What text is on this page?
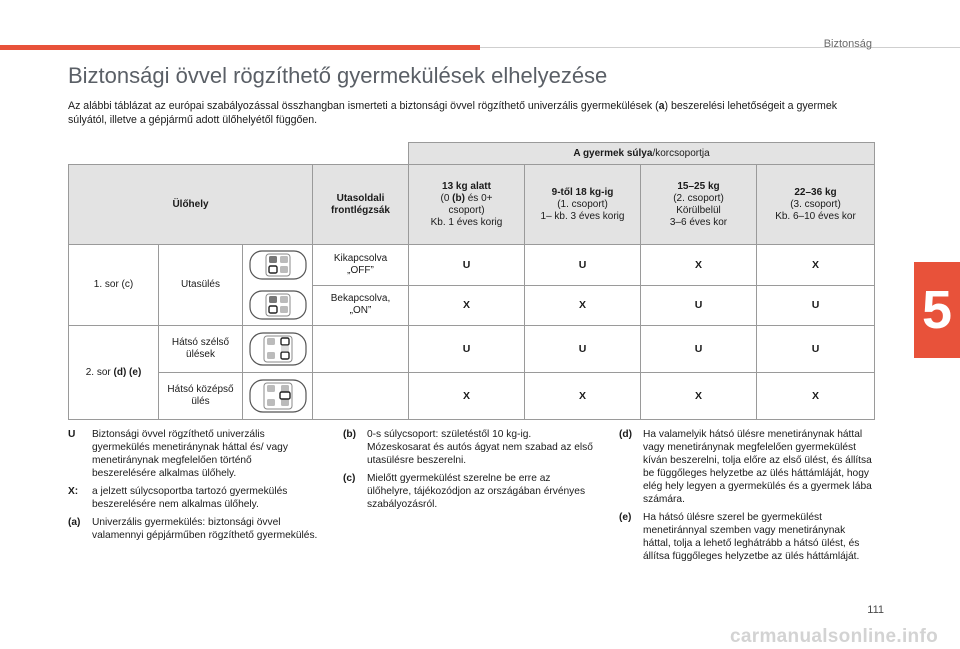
Biztonság
5
Biztonsági övvel rögzíthető gyermekülések elhelyezése

Az alábbi táblázat az európai szabályozással összhangban ismerteti a biztonsági övvel rögzíthető univerzális gyermekülések (a) beszerelési lehetőségeit a gyermek súlyától, illetve a gépjármű adott ülőhelyétől függően.

				A gyermek súlya/korcsoportja			
Ülőhely			Utasoldali frontlégzsák	13 kg alatt
(0 (b) és 0+
csoport)
Kb. 1 éves korig	9-től 18 kg-ig
(1. csoport)
1– kb. 3 éves korig	15–25 kg
(2. csoport)
Körülbelül
3–6 éves kor	22–36 kg
(3. csoport)
Kb. 6–10 éves kor
1. sor (c)	Utasülés		Kikapcsolva
„OFF”	U	U	X	X

	Bekapcsolva,
„ON”	X	X	U	U
2. sor (d) (e)	Hátsó szélső ülések			U	U	U	U
	Hátsó középső ülés			X	X	X	X
U	Biztonsági övvel rögzíthető univerzális gyermekülés menetiránynak háttal és/ vagy menetiránynak megfelelően történő beszerelésére alkalmas ülőhely.
X:	a jelzett súlycsoportba tartozó gyermekülés beszerelésére nem alkalmas ülőhely.
(a)	Univerzális gyermekülés: biztonsági övvel valamennyi gépjárműben rögzíthető gyermekülés.
(b)	0-s súlycsoport: születéstől 10 kg-ig. Mózeskosarat és autós ágyat nem szabad az első utasülésre beszerelni.
(c)	Mielőtt gyermekülést szerelne be erre az ülőhelyre, tájékozódjon az országában érvényes szabályozásról.
(d)	Ha valamelyik hátsó ülésre menetiránynak háttal vagy menetiránynak megfelelően gyermekülést kíván beszerelni, tolja előre az első ülést, és állítsa be függőleges helyzetbe az ülés háttámláját, hogy elég hely legyen a gyermekülés és a gyermek lába számára.
(e)	Ha hátsó ülésre szerel be gyermekülést menetiránnyal szemben vagy menetiránynak háttal, tolja a lehető leghátrább a hátsó ülést, és állítsa függőleges helyzetbe az ülés háttámláját.
111
carmanualsonline.info
